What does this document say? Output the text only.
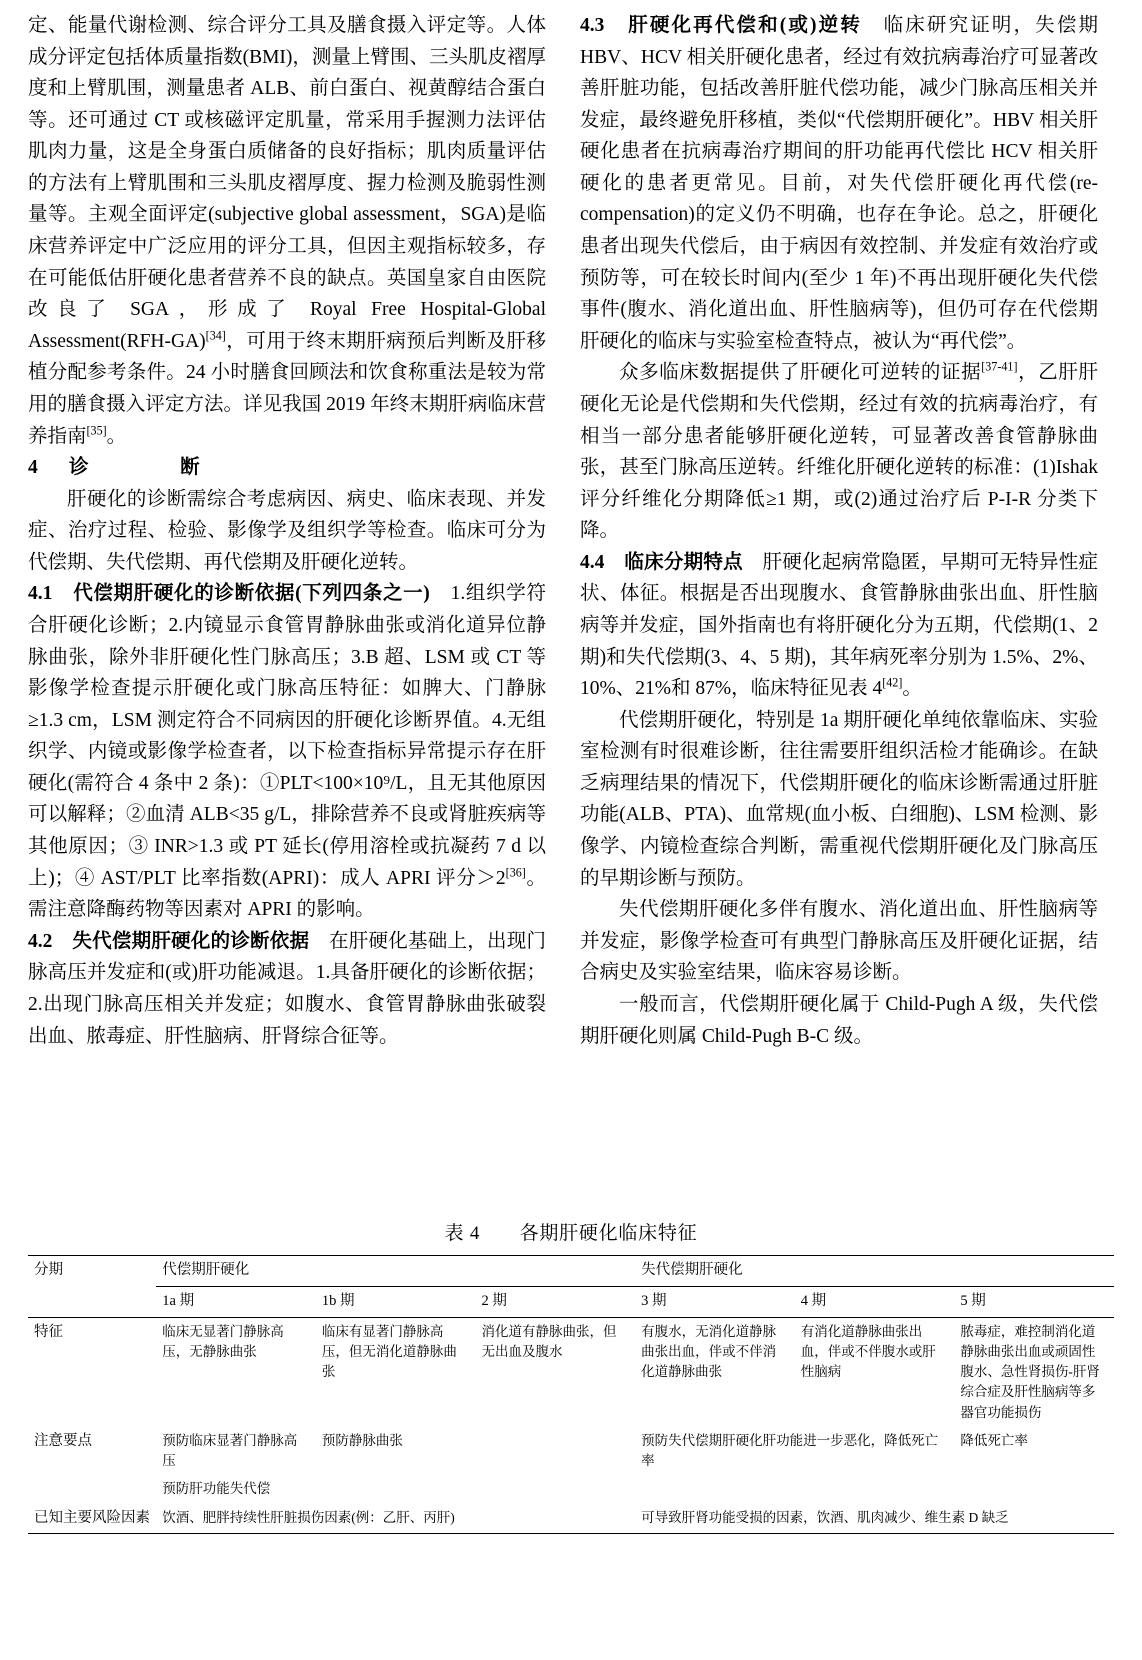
定、能量代谢检测、综合评分工具及膳食摄入评定等。人体成分评定包括体质量指数(BMI)，测量上臂围、三头肌皮褶厚度和上臂肌围，测量患者 ALB、前白蛋白、视黄醇结合蛋白等。还可通过 CT 或核磁评定肌量，常采用手握测力法评估肌肉力量，这是全身蛋白质储备的良好指标；肌肉质量评估的方法有上臂肌围和三头肌皮褶厚度、握力检测及脆弱性测量等。主观全面评定(subjective global assessment，SGA)是临床营养评定中广泛应用的评分工具，但因主观指标较多，存在可能低估肝硬化患者营养不良的缺点。英国皇家自由医院改良了 SGA，形成了 Royal Free Hospital-Global Assessment(RFH-GA)[34]，可用于终末期肝病预后判断及肝移植分配参考条件。24 小时膳食回顾法和饮食称重法是较为常用的膳食摄入评定方法。详见我国 2019 年终末期肝病临床营养指南[35]。

4 诊　　断

肝硬化的诊断需综合考虑病因、病史、临床表现、并发症、治疗过程、检验、影像学及组织学等检查。临床可分为代偿期、失代偿期、再代偿期及肝硬化逆转。

4.1　 代偿期肝硬化的诊断依据(下列四条之一)　 1.组织学符合肝硬化诊断；2.内镜显示食管胃静脉曲张或消化道异位静脉曲张，除外非肝硬化性门脉高压；3.B 超、LSM 或 CT 等影像学检查提示肝硬化或门脉高压特征：如脾大、门静脉≥1.3 cm，LSM 测定符合不同病因的肝硬化诊断界值。4.无组织学、内镜或影像学检查者，以下检查指标异常提示存在肝硬化(需符合 4 条中 2 条)：①PLT<100×10⁹/L，且无其他原因可以解释；②血清 ALB<35 g/L，排除营养不良或肾脏疾病等其他原因；③ INR>1.3 或 PT 延长(停用溶栓或抗凝药 7 d 以上)；④ AST/PLT 比率指数(APRI)：成人 APRI 评分＞2[36]。需注意降酶药物等因素对 APRI 的影响。

4.2　 失代偿期肝硬化的诊断依据　 在肝硬化基础上，出现门脉高压并发症和(或)肝功能减退。1.具备肝硬化的诊断依据；2.出现门脉高压相关并发症；如腹水、食管胃静脉曲张破裂出血、脓毒症、肝性脑病、肝肾综合征等。

4.3　 肝硬化再代偿和(或)逆转　 临床研究证明，失偿期 HBV、HCV 相关肝硬化患者，经过有效抗病毒治疗可显著改善肝脏功能，包括改善肝脏代偿功能，减少门脉高压相关并发症，最终避免肝移植，类似“代偿期肝硬化”。HBV 相关肝硬化患者在抗病毒治疗期间的肝功能再代偿比 HCV 相关肝硬化的患者更常见。目前，对失代偿肝硬化再代偿(re-compensation)的定义仍不明确，也存在争论。总之，肝硬化患者出现失代偿后，由于病因有效控制、并发症有效治疗或预防等，可在较长时间内(至少 1 年)不再出现肝硬化失代偿事件(腹水、消化道出血、肝性脑病等)，但仍可存在代偿期肝硬化的临床与实验室检查特点，被认为“再代偿”。

众多临床数据提供了肝硬化可逆转的证据[37-41]，乙肝肝硬化无论是代偿期和失代偿期，经过有效的抗病毒治疗，有相当一部分患者能够肝硬化逆转，可显著改善食管静脉曲张，甚至门脉高压逆转。纤维化肝硬化逆转的标准：(1)Ishak 评分纤维化分期降低≥1 期，或(2)通过治疗后 P-I-R 分类下降。

4.4　 临床分期特点　 肝硬化起病常隐匿，早期可无特异性症状、体征。根据是否出现腹水、食管静脉曲张出血、肝性脑病等并发症，国外指南也有将肝硬化分为五期，代偿期(1、2 期)和失代偿期(3、4、5 期)，其年病死率分别为 1.5%、2%、10%、21%和 87%，临床特征见表 4[42]。

代偿期肝硬化，特别是 1a 期肝硬化单纯依靠临床、实验室检测有时很难诊断，往往需要肝组织活检才能确诊。在缺乏病理结果的情况下，代偿期肝硬化的临床诊断需通过肝脏功能(ALB、PTA)、血常规(血小板、白细胞)、LSM 检测、影像学、内镜检查综合判断，需重视代偿期肝硬化及门脉高压的早期诊断与预防。

失代偿期肝硬化多伴有腹水、消化道出血、肝性脑病等并发症，影像学检查可有典型门静脉高压及肝硬化证据，结合病史及实验室结果，临床容易诊断。

一般而言，代偿期肝硬化属于 Child-Pugh A 级，失代偿期肝硬化则属 Child-Pugh B-C 级。

表 4　　各期肝硬化临床特征
分期	代偿期肝硬化			失代偿期肝硬化		
	1a 期	1b 期	2 期	3 期	4 期	5 期
特征	临床无显著门静脉高压，无静脉曲张	临床有显著门静脉高压，但无消化道静脉曲张	消化道有静脉曲张，但无出血及腹水	有腹水，无消化道静脉曲张出血，伴或不伴消化道静脉曲张	有消化道静脉曲张出血，伴或不伴腹水或肝性脑病	脓毒症，难控制消化道静脉曲张出血或顽固性腹水、急性肾损伤-肝肾综合症及肝性脑病等多器官功能损伤
注意要点	预防临床显著门静脉高压	预防静脉曲张		预防失代偿期肝硬化肝功能进一步恶化，降低死亡率		降低死亡率
	预防肝功能失代偿					
已知主要风险因素	饮酒、肥胖持续性肝脏损伤因素(例：乙肝、丙肝)			可导致肝肾功能受损的因素，饮酒、肌肉减少、维生素 D 缺乏		
